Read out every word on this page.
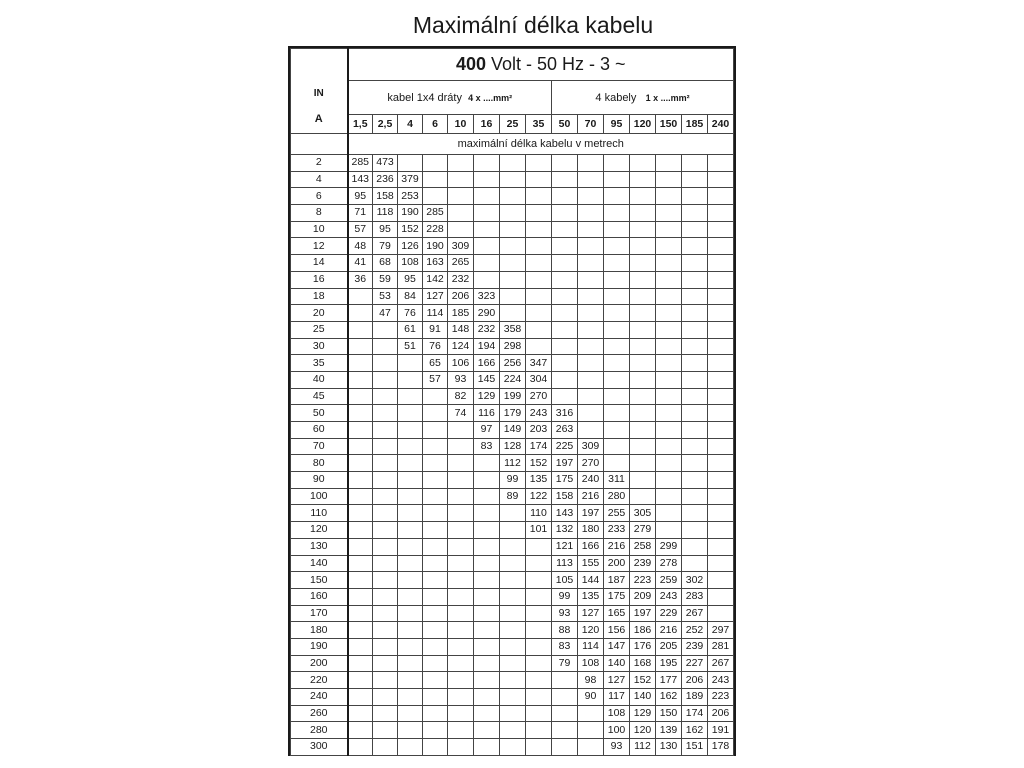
Maximální délka kabelu
IN
A	400 Volt - 50 Hz - 3 ~														
	kabel 1x4 dráty 4 x ....mm²								4 kabely 1 x ....mm²						
	1,5	2,5	4	6	10	16	25	35	50	70	95	120	150	185	240
	maximální délka kabelu v metrech														
2	285	473													
4	143	236	379												
6	95	158	253												
8	71	118	190	285											
10	57	95	152	228											
12	48	79	126	190	309										
14	41	68	108	163	265										
16	36	59	95	142	232										
18		53	84	127	206	323									
20		47	76	114	185	290									
25			61	91	148	232	358								
30			51	76	124	194	298								
35				65	106	166	256	347							
40				57	93	145	224	304							
45					82	129	199	270							
50					74	116	179	243	316						
60						97	149	203	263						
70						83	128	174	225	309					
80							112	152	197	270					
90							99	135	175	240	311				
100							89	122	158	216	280				
110								110	143	197	255	305			
120								101	132	180	233	279			
130									121	166	216	258	299		
140									113	155	200	239	278		
150									105	144	187	223	259	302	
160									99	135	175	209	243	283	
170									93	127	165	197	229	267	
180									88	120	156	186	216	252	297
190									83	114	147	176	205	239	281
200									79	108	140	168	195	227	267
220										98	127	152	177	206	243
240										90	117	140	162	189	223
260											108	129	150	174	206
280											100	120	139	162	191
300											93	112	130	151	178
